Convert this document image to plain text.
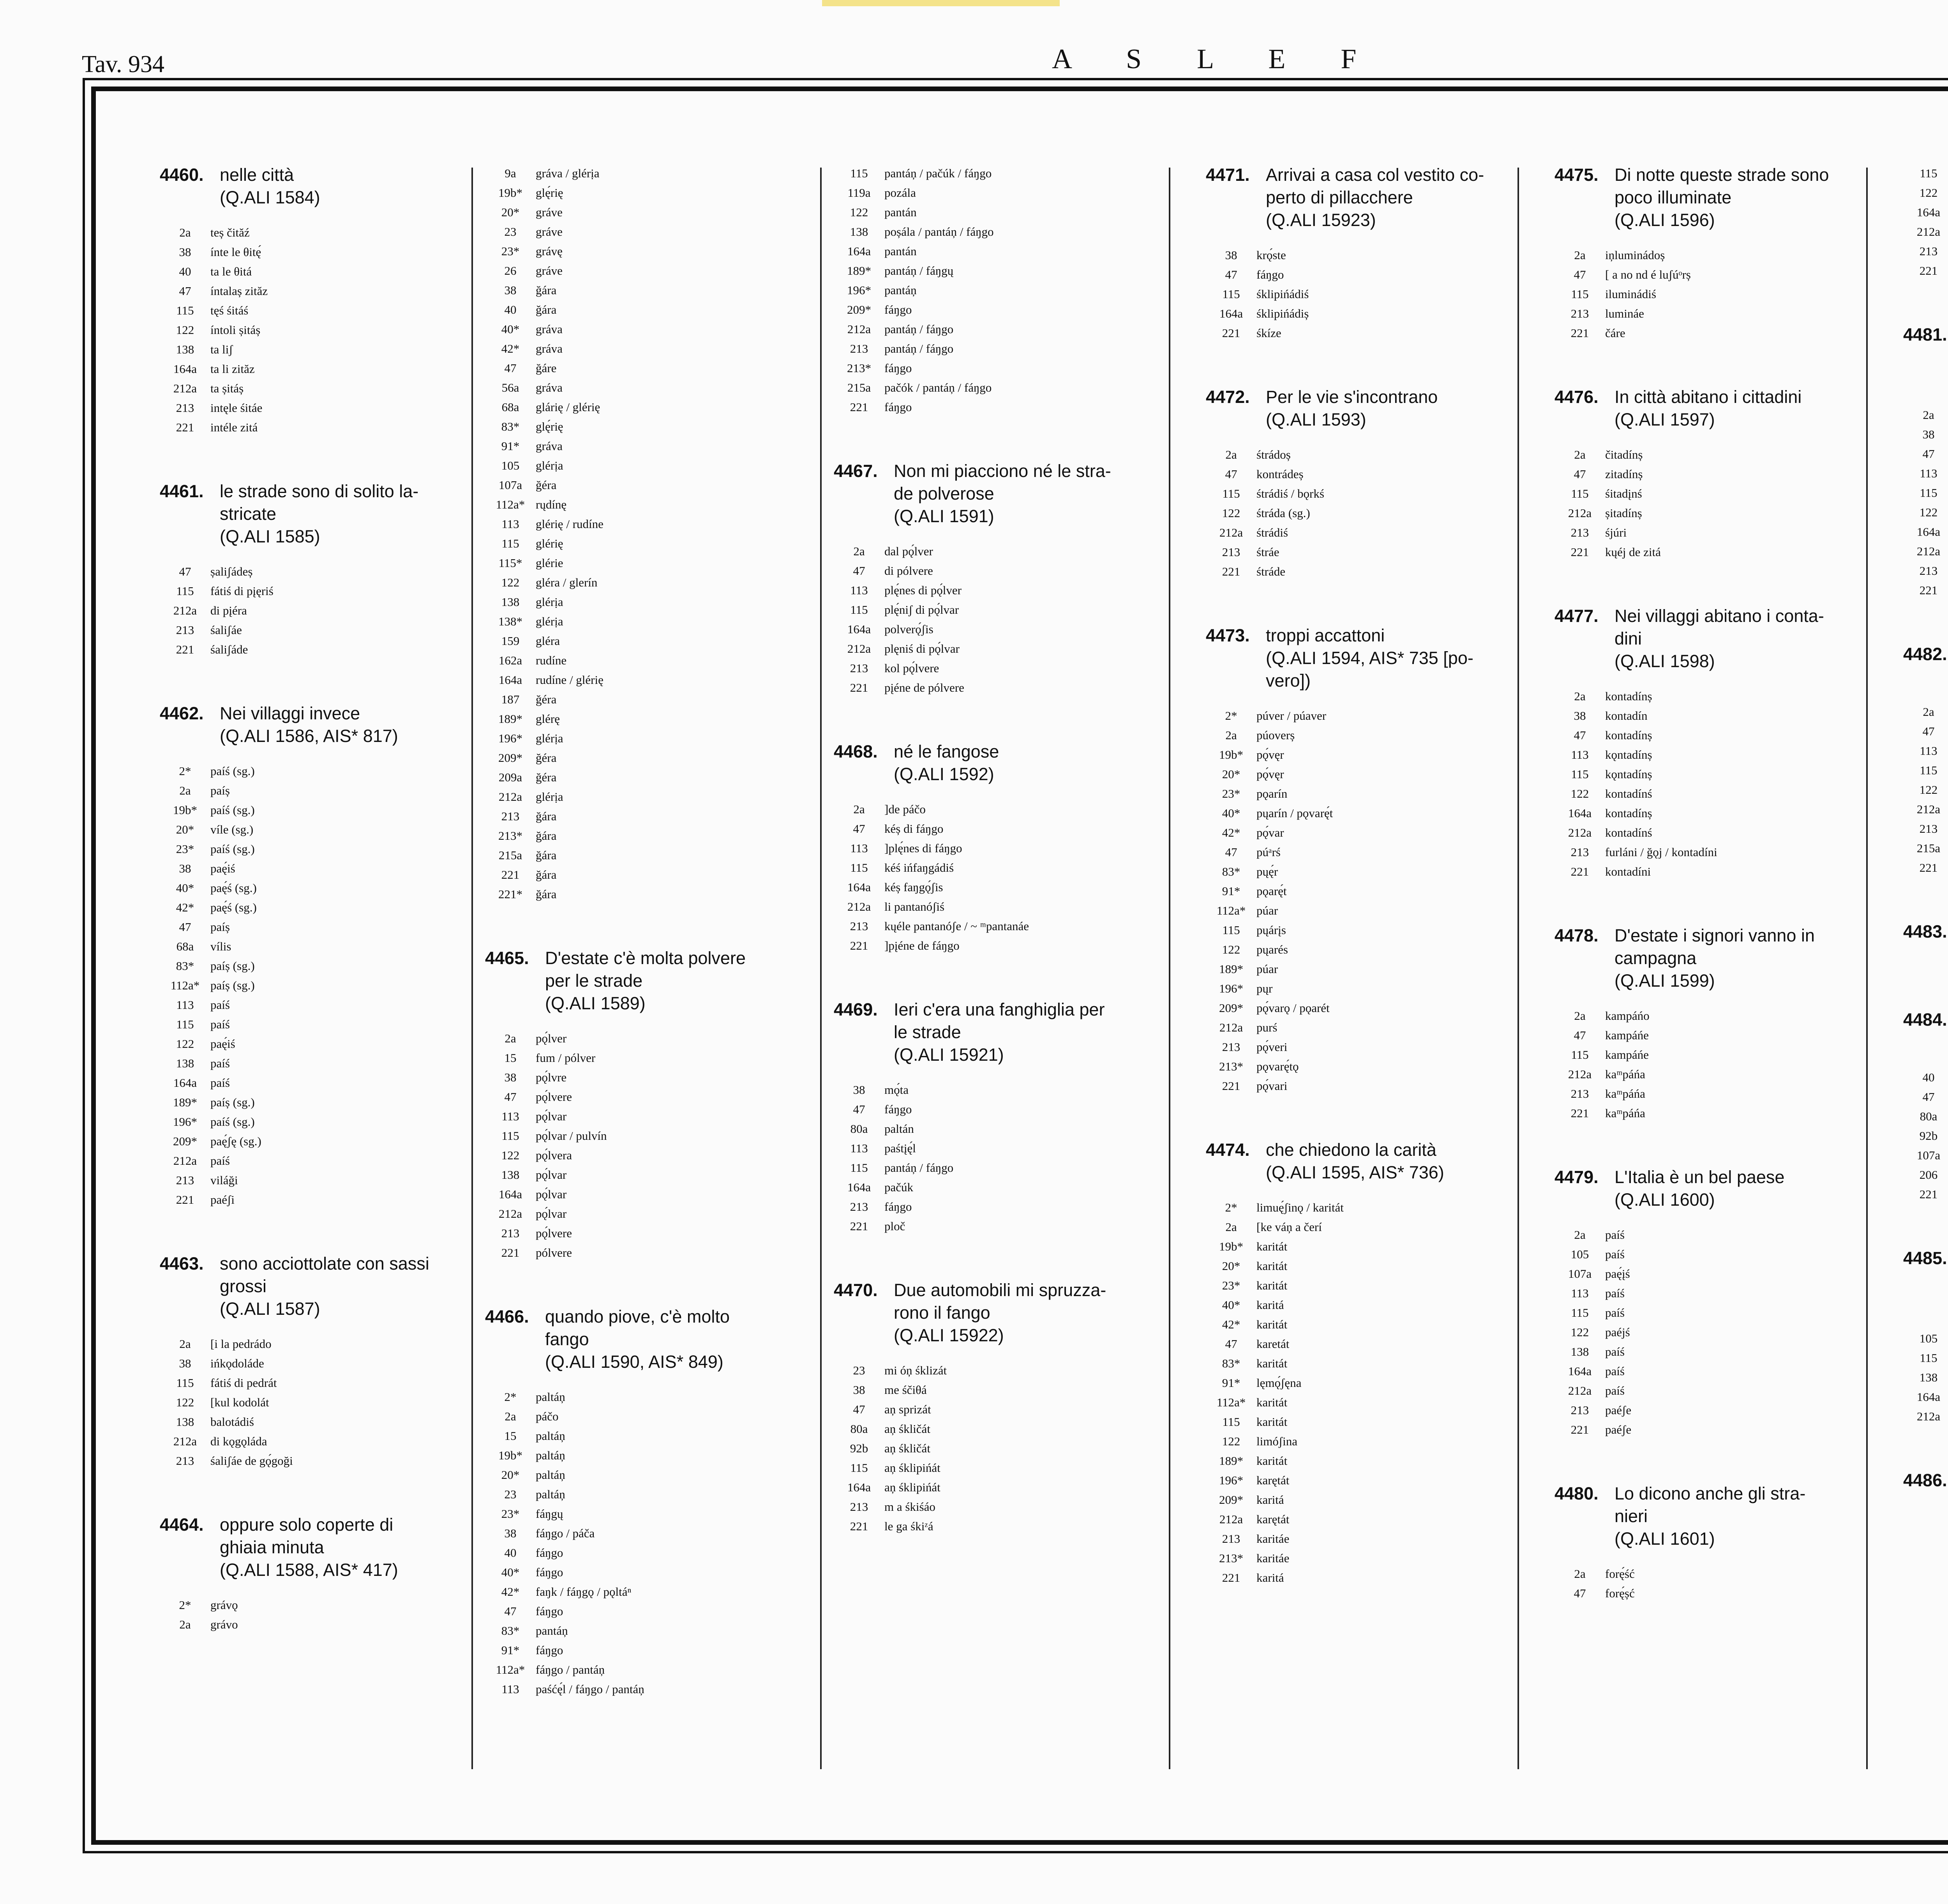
Tav. 934	A S L E F
4460. nelle città
(Q.ALI 1584)
2a	teș čităź
38	ínte le θitę́
40	ta le θitá
47	íntalaș zităz
115	tęś śitáś
122	íntoli șitáș
138	ta liʃ
164a	ta li zităz
212a	ta șitáș
213	intęle śitáe
221	intéle zitá
4461. le strade sono di solito la-
stricate
(Q.ALI 1585)
47	șaliʃádeș
115	fátiś di pįęriś
212a	di pįéra
213	śaliʃáe
221	śaliʃáde
4462. Nei villaggi invece
(Q.ALI 1586, AIS* 817)
2*	paíś (sg.)
2a	paíș
19b*	paíś (sg.)
20*	víle (sg.)
23*	paíś (sg.)
38	paę́iś
40*	paę́ś (sg.)
42*	paę́ś (sg.)
47	paíș
68a	vílis
83*	paíș (sg.)
112a* paíș (sg.)
113	paíś
115	paíś
122	paę́iś
138	paíś
164a	paíś
189*	paíș (sg.)
196*	paíś (sg.)
209*	paę́ʃę (sg.)
212a	paíś
213	viláği
221	paéʃi
4463. sono acciottolate con sassi
grossi
(Q.ALI 1587)
2a	[i la pedrádo
38	ińkǫdoláde
115	fátiś di pedrát
122	[kul kodolát
138	balotádiś
212a	di kǫgǫláda
213	śaliʃáe de gǫ́goği
4464. oppure solo coperte di
ghiaia minuta
(Q.ALI 1588, AIS* 417)
2*	grávǫ
2a	grávo
9a	gráva / glérịa
19b*	glę́rię
20*	gráve
23	gráve
23*	grávę
26	gráve
38	ğára
40	ğára
40*	gráva
42*	gráva
47	ğáre
56a	gráva
68a	glárię / glérię
83*	glę́rię
91*	gráva
105	glérịa
107a	ğéra
112a* rųdínę
113	glérię / rudíne
115	glérię
115*	glérie
122	gléra / glerín
138	glérịa
138*	glérịa
159	gléra
162a	rudíne
164a	rudíne / glérię
187	ğéra
189*	glérę
196*	glérịa
209*	ğéra
209a	ğéra
212a	glérịa
213	ğára
213*	ğára
215a	ğára
221	ğára
221*	ğára
4465. D'estate c'è molta polvere
per le strade
(Q.ALI 1589)
2a	pǫ́lver
15	fum / pólver
38	pǫ́lvre
47	pǫ́lvere
113	pǫ́lvar
115	pǫ́lvar / pulvín
122	pǫ́lvera
138	pǫ́lvar
164a	pǫ́lvar
212a	pǫ́lvar
213	pǫ́lvere
221	pólvere
4466. quando piove, c'è molto
fango
(Q.ALI 1590, AIS* 849)
2*	paltáņ
2a	páčo
15	paltáņ
19b*	paltáņ
20*	paltáņ
23	paltáņ
23*	fáŋgų
38	fáŋgo / páča
40	fáŋgo
40*	fáŋgo
42*	faŋk / fáŋgǫ / pǫltáⁿ
47	fáŋgo
83*	pantáņ
91*	fáŋgo
112a* fáŋgo / pantáņ
113	paśćę́l / fáŋgo / pantáņ
115	pantáņ / pačúk / fáŋgo
119a	pozála
122	pantán
138	poșála / pantáņ / fáŋgo
164a	pantán
189*	pantáņ / fáŋgų
196*	pantáņ
209*	fáŋgo
212a	pantáņ / fáŋgo
213	pantáņ / fáŋgo
213*	fáŋgo
215a	pačók / pantáņ / fáŋgo
221	fáŋgo
4467. Non mi piacciono né le stra-
de polverose
(Q.ALI 1591)
2a	dal pǫ́lver
47	di pólvere
113	plę́nes di pǫ́lver
115	plę́niʃ di pǫ́lvar
164a	polverǫ́ʃis
212a	plęniś di pǫ́lvar
213	kol pǫ́lvere
221	pįéne de pólvere
4468. né le fangose
(Q.ALI 1592)
2a	]de páčo
47	kéș di fáŋgo
113	]plę́nes di fáŋgo
115	kéś ińfaŋgádiś
164a	kéș faŋgǫ́ʃis
212a	li pantanóʃiś
213	kųéle pantanóʃe / ~ ᵐpantanáe
221	]pįéne de fáŋgo
4469. Ieri c'era una fanghiglia per
le strade
(Q.ALI 15921)
38	mǫ́ta
47	fáŋgo
80a	paltán
113	paśtįę́l
115	pantáņ / fáŋgo
164a	pačúk
213	fáŋgo
221	ploč
4470. Due automobili mi spruzza-
rono il fango
(Q.ALI 15922)
23	mi óņ śklizát
38	me śčiθá
47	aņ sprizát
80a	aņ śkličát
92b	aņ śkličát
115	aņ śklipińát
164a	aņ śklipińát
213	m a śkiśáo
221	le ga śkiᶻá
4471. Arrivai a casa col vestito co-
perto di pillacchere
(Q.ALI 15923)
38	krǫ́ste
47	fáŋgo
115	śklipińádiś
164a	śklipińádiș
221	śkíze
4472. Per le vie s'incontrano
(Q.ALI 1593)
2a	śtrádoș
47	kontrádeș
115	śtrádiś / bǫrkś
122	śtráda (sg.)
212a	śtrádiś
213	śtráe
221	śtráde
4473. troppi accattoni
(Q.ALI 1594, AIS* 735 [po- vero])
2*	púver / púaver
2a	púoverș
19b*	pǫ́vęr
20*	pǫ́vęr
23*	pǫarín
40*	pųarín / pǫvarę́t
42*	pǫ́var
47	púᵃrś
83*	pųę́r
91*	pǫarę́t
112a* púar
115	pųárįs
122	pųarés
189*	púar
196*	pųr
209*	pǫ́varǫ / pǫarét
212a	purś
213	pǫ́veri
213*	pǫvarę́tǫ
221	pǫ́vari
4474. che chiedono la carità
(Q.ALI 1595, AIS* 736)
2*	limuę́ʃinǫ / karitát
2a	[ke váņ a čerí
19b*	karitát
20*	karitát
23*	karitát
40*	karitá
42*	karitát
47	karetát
83*	karitát
91*	lęmǫ́ʃęna
112a* karitát
115	karitát
122	limóʃina
189*	karitát
196*	karętát
209*	karitá
212a	karętát
213	karitáe
213*	karitáe
221	karitá
4475. Di notte queste strade sono
poco illuminate
(Q.ALI 1596)
2a	iņluminádoș
47	[ a no nd é luʃúᵒrș
115	iluminádiś
213	lumináe
221	čáre
4476. In città abitano i cittadini
(Q.ALI 1597)
2a	čitadínș
47	zitadínș
115	śitadįnś
212a	șitadínș
213	śjúri
221	kųéj de zitá
4477. Nei villaggi abitano i conta-
dini
(Q.ALI 1598)
2a	kontadínș
38	kontadín
47	kontadínș
113	kǫntadínș
115	kǫntadínș
122	kontadínś
164a	kontadínș
212a	kontadínś
213	furláni / ğǫj / kontadíni
221	kontadíni
4478. D'estate i signori vanno in
campagna
(Q.ALI 1599)
2a	kampáńo
47	kampáńe
115	kampáńe
212a	kaᵐpáńa
213	kaᵐpáńa
221	kaᵐpáńa
4479. L'Italia è un bel paese
(Q.ALI 1600)
2a	paíś
105	paíś
107a	paę́įś
113	paíś
115	paíś
122	paéjś
138	paíś
164a	paíś
212a	paíś
213	paéʃe
221	paéʃe
4480. Lo dicono anche gli stra-
nieri
(Q.ALI 1601)
2a	forę́ść
47	forę́șć
115
122
164a
212a
213
221
4481.
2a
38
47
113
115
122
164a
212a
213
221
4482.
2a
47
113
115
122
212a
213
215a
221
4483.
4484.
40
47
80a
92b
107a
206
221
4485.
105
115
138
164a
212a
4486.
